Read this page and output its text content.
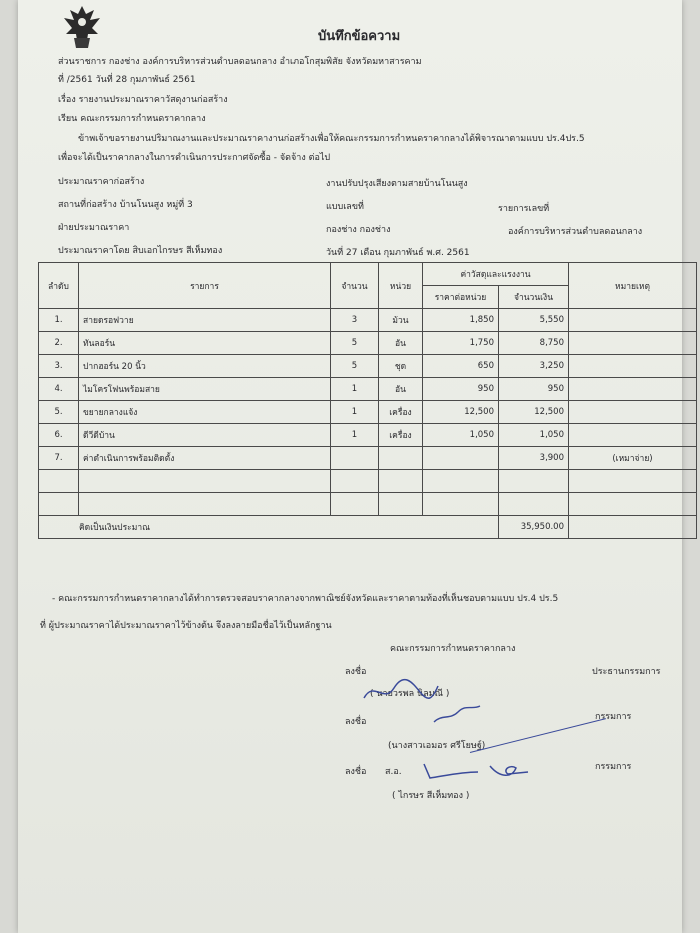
บันทึกข้อความ
ส่วนราชการ กองช่าง องค์การบริหารส่วนตำบลดอนกลาง อำเภอโกสุมพิสัย จังหวัดมหาสารคาม
ที่ /2561 วันที่ 28 กุมภาพันธ์ 2561
เรื่อง รายงานประมาณราคาวัสดุงานก่อสร้าง
เรียน คณะกรรมการกำหนดราคากลาง
ข้าพเจ้าขอรายงานปริมาณงานและประมาณราคางานก่อสร้างเพื่อให้คณะกรรมการกำหนดราคากลางได้พิจารณาตามแบบ ปร.4ปร.5
เพื่อจะได้เป็นราคากลางในการดำเนินการประกาศจัดซื้อ - จัดจ้าง ต่อไป
ประมาณราคาก่อสร้าง	งานปรับปรุงเสียงตามสายบ้านโนนสูง
สถานที่ก่อสร้าง บ้านโนนสูง หมู่ที่ 3	แบบเลขที่	รายการเลขที่
ฝ่ายประมาณราคา	กองช่าง กองช่าง	องค์การบริหารส่วนตำบลดอนกลาง
ประมาณราคาโดย สิบเอกไกรษร สีเห็มทอง	วันที่ 27 เดือน กุมภาพันธ์ พ.ศ. 2561
ลำดับ	รายการ	จำนวน	หน่วย	ค่าวัสดุและแรงงาน		หมายเหตุ
				ราคาต่อหน่วย	จำนวนเงิน	
1.	สายดรอฟวาย	3	ม้วน	1,850	5,550	
2.	ทันลอร์น	5	อัน	1,750	8,750	
3.	ปากฮอร์น 20 นิ้ว	5	ชุด	650	3,250	
4.	ไมโครโฟนพร้อมสาย	1	อัน	950	950	
5.	ขยายกลางแจ้ง	1	เครื่อง	12,500	12,500	
6.	ดีวีดีบ้าน	1	เครื่อง	1,050	1,050	
7.	ค่าดำเนินการพร้อมติดตั้ง				3,900	(เหมาจ่าย)

คิดเป็นเงินประมาณ					35,950.00	
- คณะกรรมการกำหนดราคากลางได้ทำการตรวจสอบราคากลางจากพาณิชย์จังหวัดและราคาตามท้องที่เห็นชอบตามแบบ ปร.4 ปร.5
ที่ ผู้ประมาณราคาได้ประมาณราคาไว้ข้างต้น จึงลงลายมือชื่อไว้เป็นหลักฐาน
คณะกรรมการกำหนดราคากลาง
ลงชื่อ	ประธานกรรมการ
( นายวรพล นิลมณี )
ลงชื่อ	กรรมการ
(นางสาวเอมอร ศรีโยษฐ์)
ลงชื่อ ส.อ.	กรรมการ
( ไกรษร สีเห็มทอง )
